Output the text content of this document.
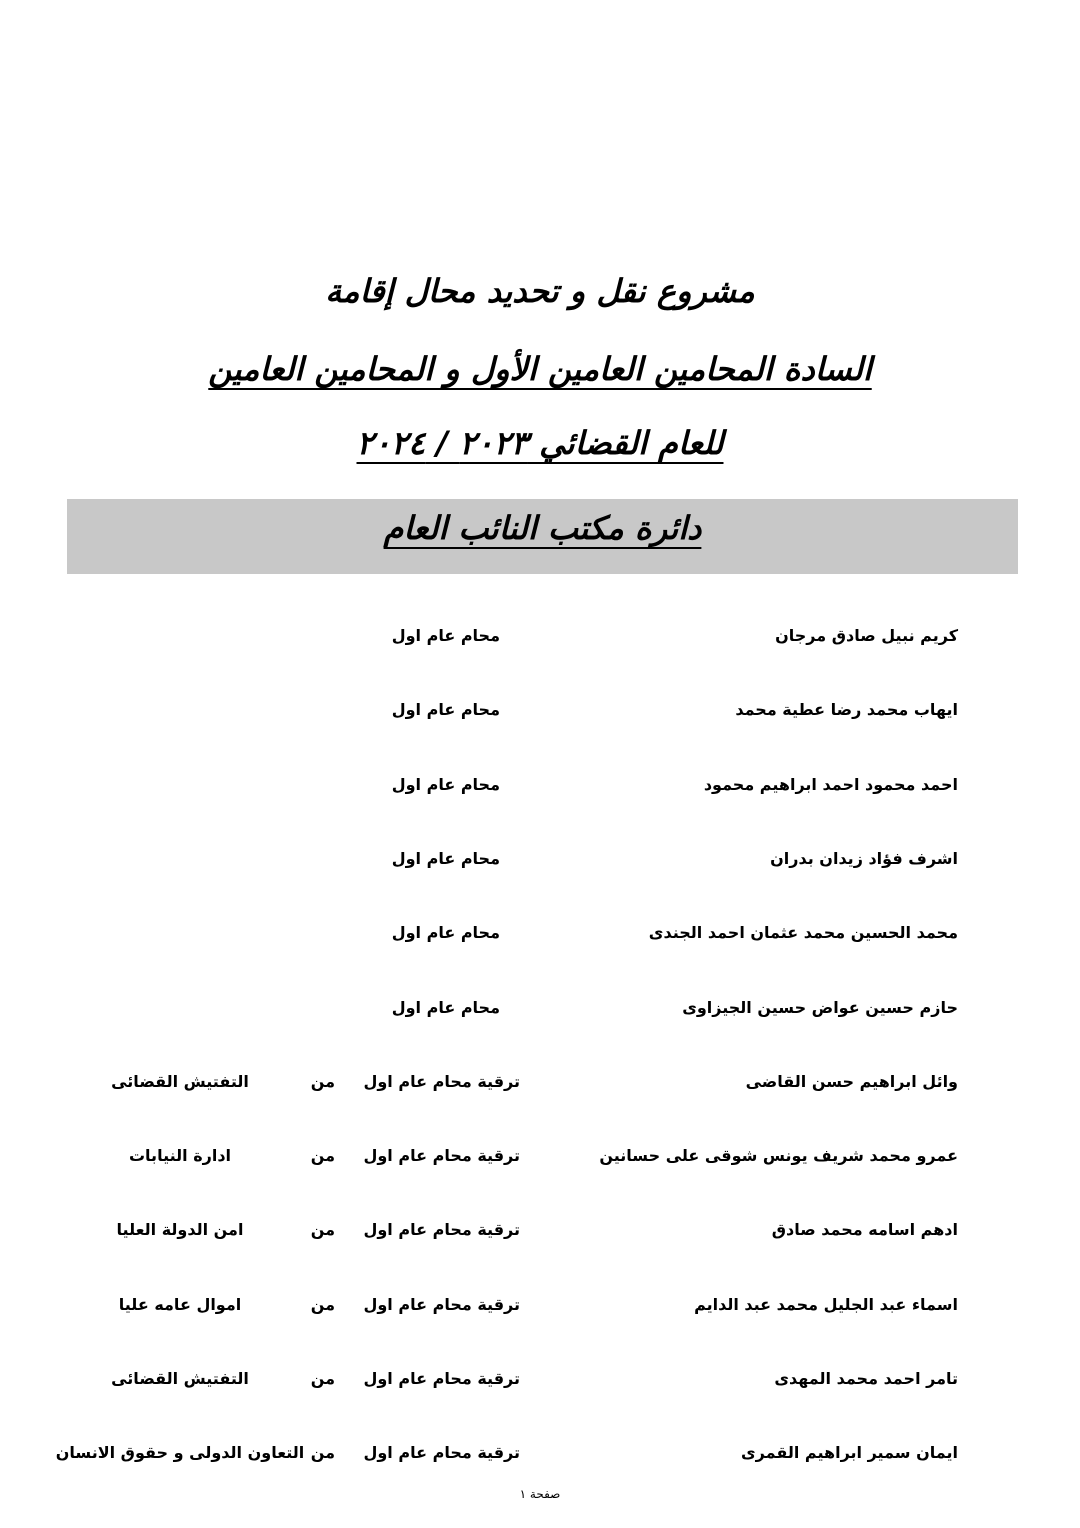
مشروع نقل و تحديد محال إقامة
السادة المحامين العامين الأول و المحامين العامين
للعام القضائي ٢٠٢٣ / ٢٠٢٤
دائرة مكتب النائب العام
كريم نبيل صادق مرجان
محام عام اول
ايهاب محمد رضا عطية محمد
محام عام اول
احمد محمود احمد ابراهيم محمود
محام عام اول
اشرف فؤاد زيدان بدران
محام عام اول
محمد الحسين محمد عثمان احمد الجندى
محام عام اول
حازم حسين عواض حسين الجيزاوى
محام عام اول
وائل ابراهيم حسن القاضى
ترقية محام عام اول
من
التفتيش القضائى
عمرو محمد شريف يونس شوقى على حسانين
ترقية محام عام اول
من
ادارة النيابات
ادهم اسامه محمد صادق
ترقية محام عام اول
من
امن الدولة العليا
اسماء عبد الجليل محمد عبد الدايم
ترقية محام عام اول
من
اموال عامه عليا
تامر احمد محمد المهدى
ترقية محام عام اول
من
التفتيش القضائى
ايمان سمير ابراهيم القمرى
ترقية محام عام اول
من
التعاون الدولى و حقوق الانسان
صفحة ١
